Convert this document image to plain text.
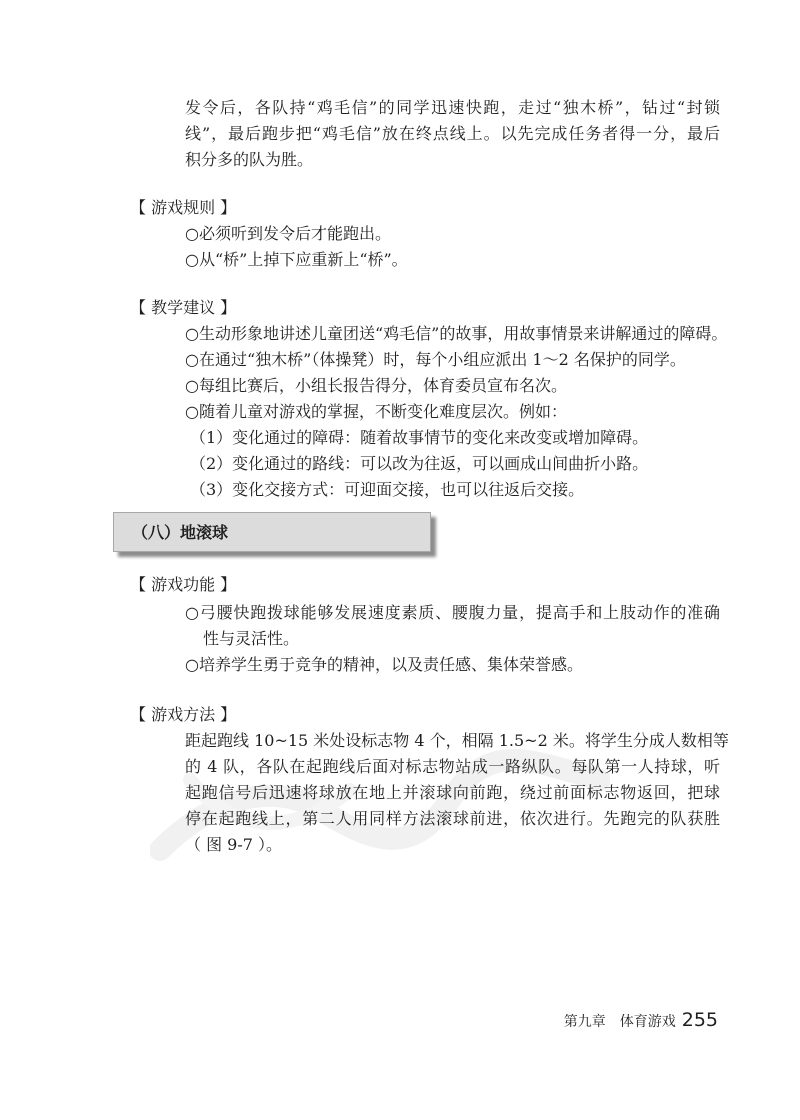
发令后，各队持“鸡毛信”的同学迅速快跑，走过“独木桥”，钻过“封锁
线”，最后跑步把“鸡毛信”放在终点线上。以先完成任务者得一分，最后
积分多的队为胜。
【 游戏规则 】
○必须听到发令后才能跑出。
○从“桥”上掉下应重新上“桥”。
【 教学建议 】
○生动形象地讲述儿童团送“鸡毛信”的故事，用故事情景来讲解通过的障碍。
○在通过“独木桥”（体操凳）时，每个小组应派出 1～2 名保护的同学。
○每组比赛后，小组长报告得分，体育委员宣布名次。
○随着儿童对游戏的掌握，不断变化难度层次。例如：
（1）变化通过的障碍：随着故事情节的变化来改变或增加障碍。
（2）变化通过的路线：可以改为往返，可以画成山间曲折小路。
（3）变化交接方式：可迎面交接，也可以往返后交接。
（八）地滚球
【 游戏功能 】
○弓腰快跑拨球能够发展速度素质、腰腹力量，提高手和上肢动作的准确
性与灵活性。
○培养学生勇于竞争的精神，以及责任感、集体荣誉感。
【 游戏方法 】
距起跑线 10~15 米处设标志物 4 个，相隔 1.5~2 米。将学生分成人数相等
的 4 队，各队在起跑线后面对标志物站成一路纵队。每队第一人持球，听
起跑信号后迅速将球放在地上并滚球向前跑，绕过前面标志物返回，把球
停在起跑线上，第二人用同样方法滚球前进，依次进行。先跑完的队获胜
（ 图 9-7 ）。
第九章　体育游戏 255
